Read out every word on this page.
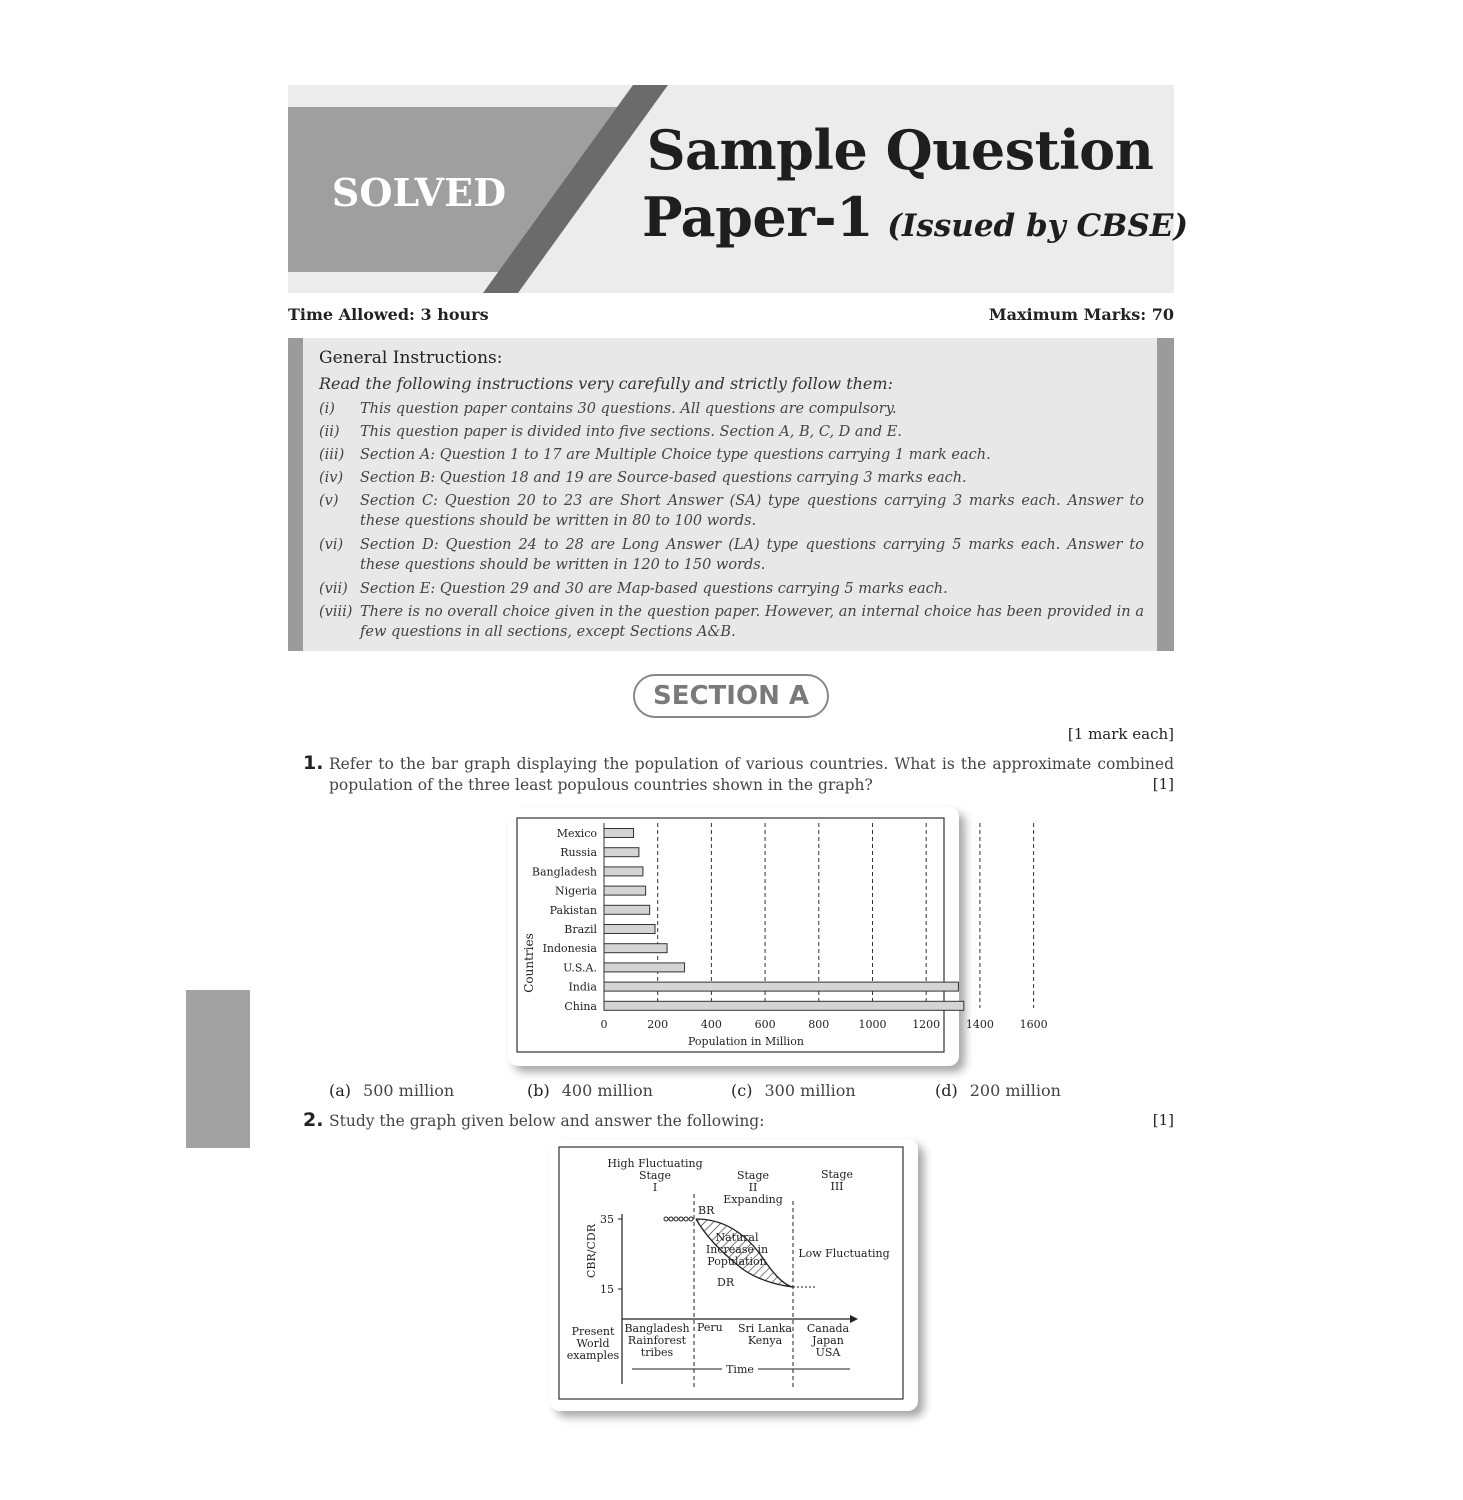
SOLVED
Sample Question
Paper-1 (Issued by CBSE)
Time Allowed: 3 hours	Maximum Marks: 70
General Instructions:
Read the following instructions very carefully and strictly follow them:
(i)	This question paper contains 30 questions. All questions are compulsory.
(ii)	This question paper is divided into five sections. Section A, B, C, D and E.
(iii)	Section A: Question 1 to 17 are Multiple Choice type questions carrying 1 mark each.
(iv)	Section B: Question 18 and 19 are Source-based questions carrying 3 marks each.
(v)	Section C: Question 20 to 23 are Short Answer (SA) type questions carrying 3 marks each. Answer to these questions should be written in 80 to 100 words.
(vi)	Section D: Question 24 to 28 are Long Answer (LA) type questions carrying 5 marks each. Answer to these questions should be written in 120 to 150 words.
(vii) Section E: Question 29 and 30 are Map-based questions carrying 5 marks each.
(viii) There is no overall choice given in the question paper. However, an internal choice has been provided in a few questions in all sections, except Sections A&B.
SECTION A
[1 mark each]
1. Refer to the bar graph displaying the population of various countries. What is the approximate combined population of the three least populous countries shown in the graph?	[1]
Mexico
Russia
Bangladesh
Nigeria
Pakistan
Brazil
Indonesia
U.S.A.
India
China
0	200	400	600	800	1000 1200 1400 1600
Population in Million
Countries
(a) 500 million	(b) 400 million	(c) 300 million	(d) 200 million
2. Study the graph given below and answer the following:	[1]
35
15
CBR/CDR
High Fluctuating Stage I
Stage II Expanding
Stage III
BR
DR
Natural Increase in Population
Low Fluctuating
Present World examples
Bangladesh Rainforest tribes
Peru Sri Lanka Kenya
Canada Japan USA
Time
